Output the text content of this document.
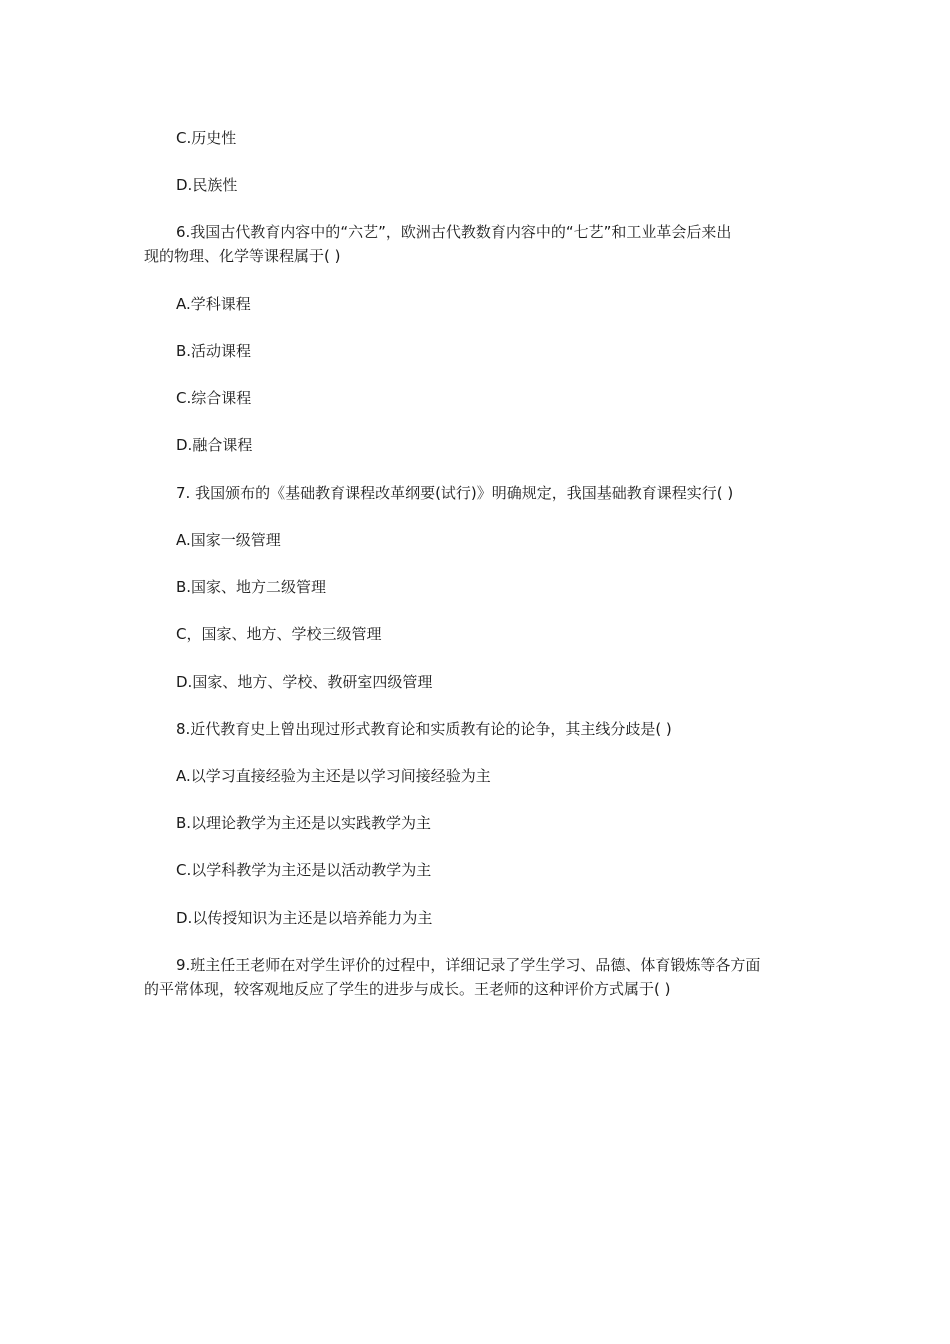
C.历史性
D.民族性
6.我国古代教育内容中的“六艺”，欧洲古代教数育内容中的“七艺”和工业革会后来出
现的物理、化学等课程属于( )
A.学科课程
B.活动课程
C.综合课程
D.融合课程
7. 我国颁布的《基础教育课程改革纲要(试行)》明确规定，我国基础教育课程实行( )
A.国家一级管理
B.国家、地方二级管理
C，国家、地方、学校三级管理
D.国家、地方、学校、教研室四级管理
8.近代教育史上曾出现过形式教育论和实质教有论的论争，其主线分歧是( )
A.以学习直接经验为主还是以学习间接经验为主
B.以理论教学为主还是以实践教学为主
C.以学科教学为主还是以活动教学为主
D.以传授知识为主还是以培养能力为主
9.班主任王老师在对学生评价的过程中，详细记录了学生学习、品德、体育锻炼等各方面
的平常体现，较客观地反应了学生的进步与成长。王老师的这种评价方式属于( )
